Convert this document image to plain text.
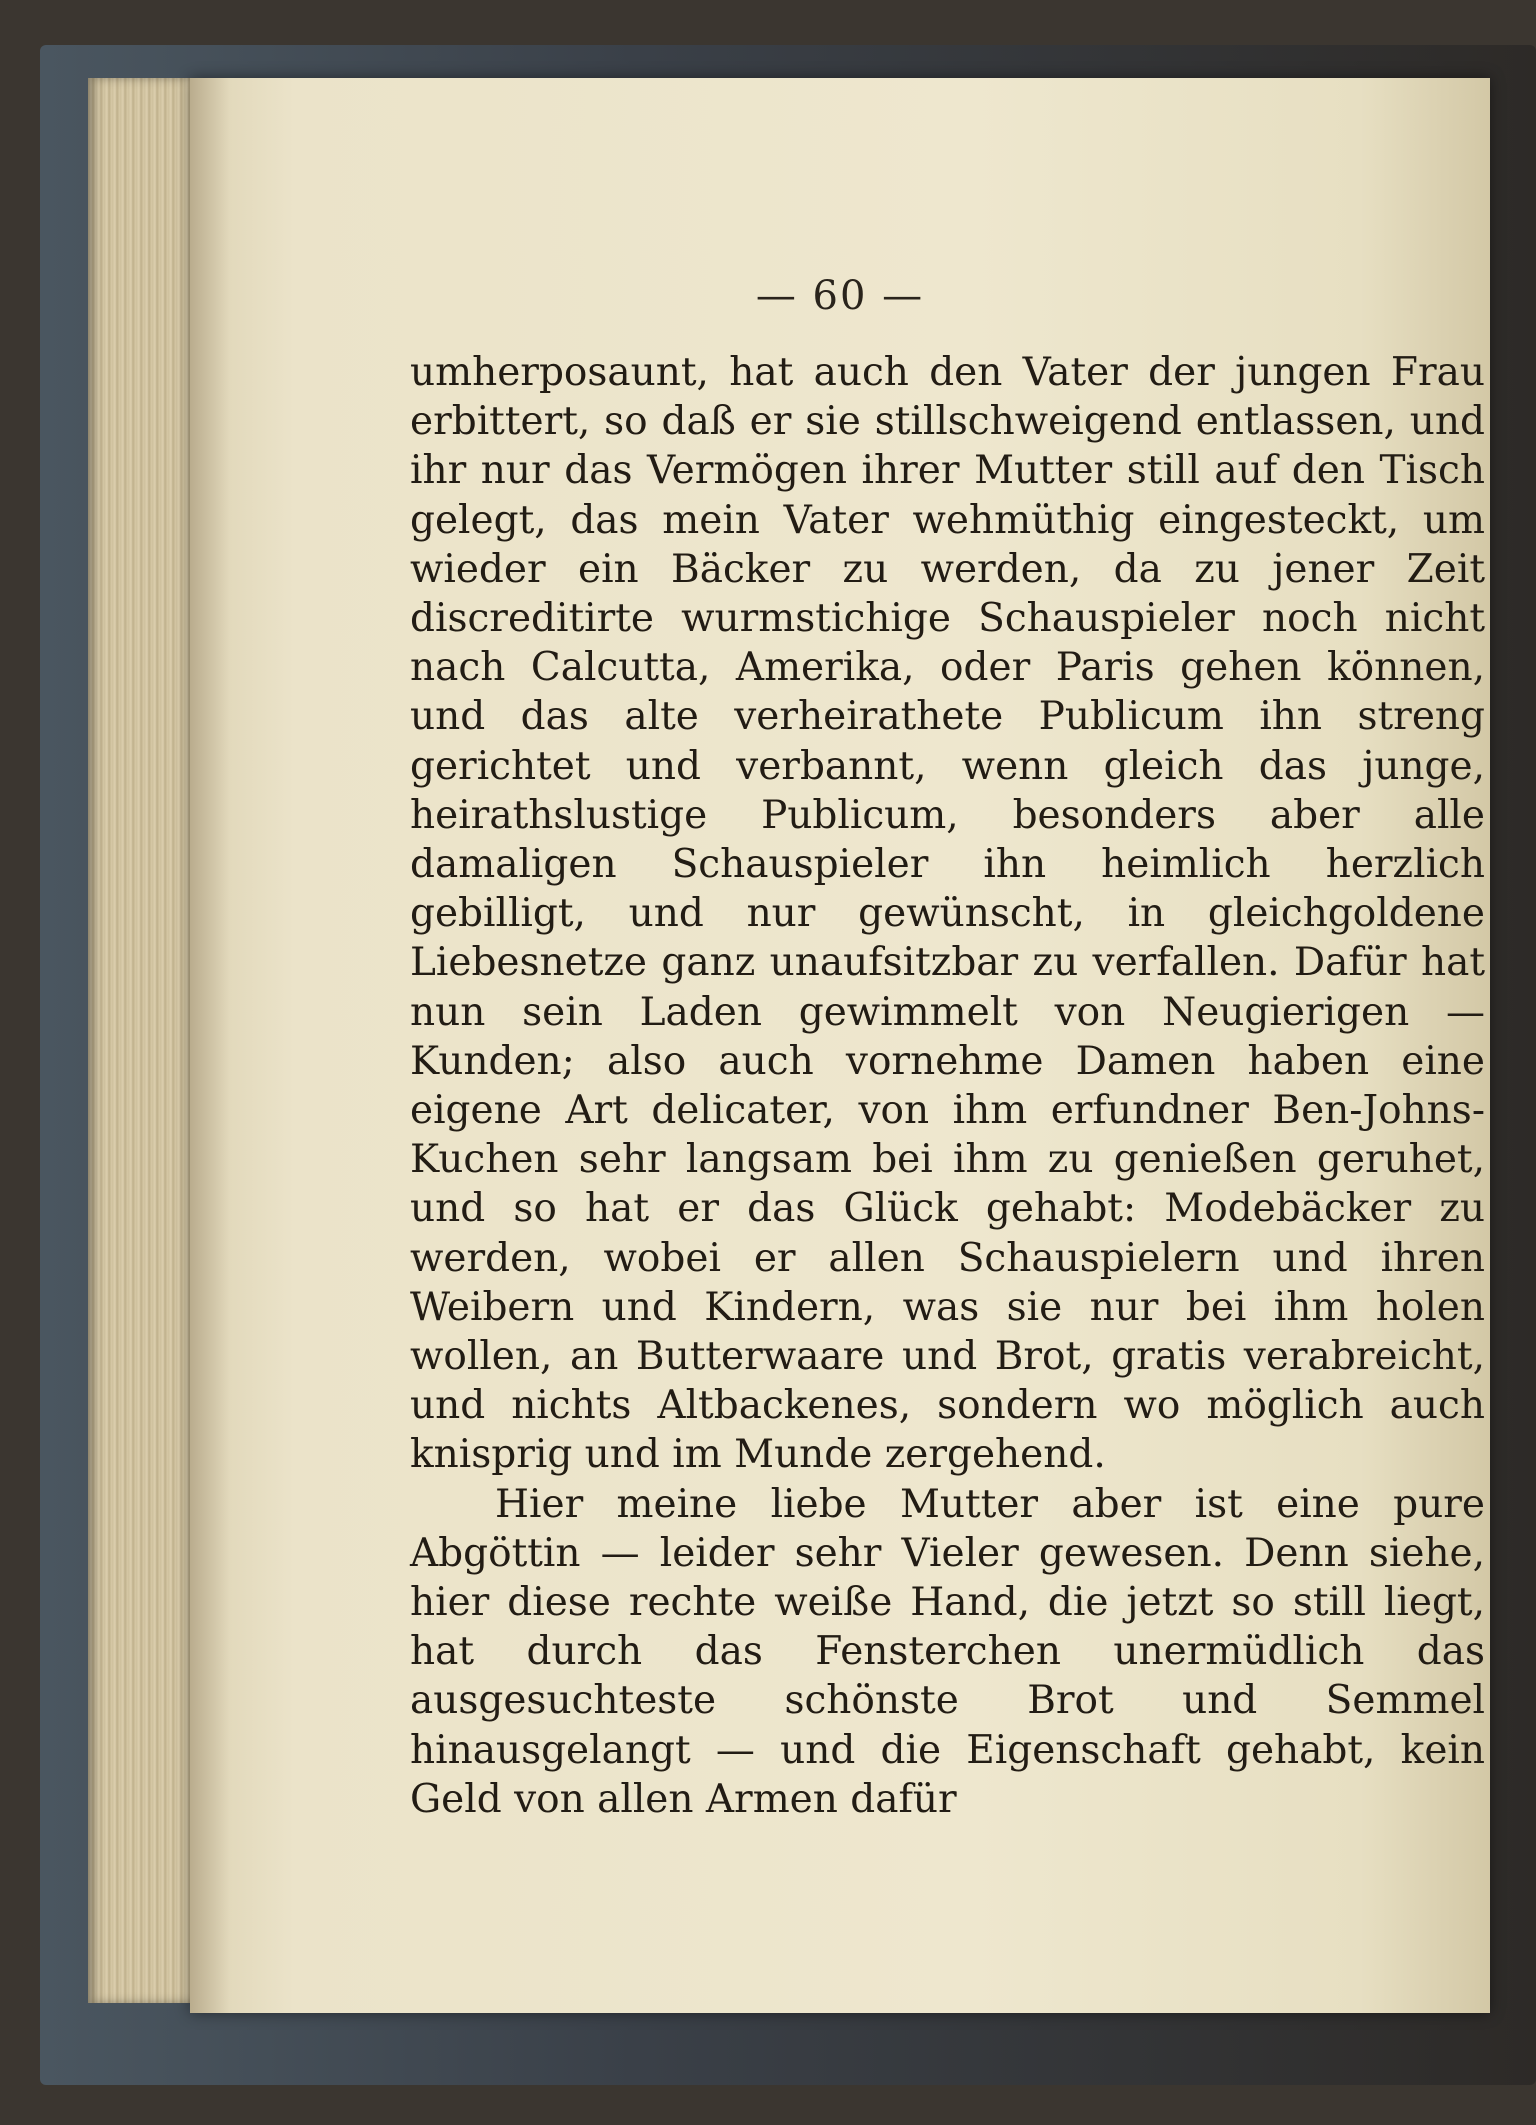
— 60 —

umherposaunt, hat auch den Vater der jungen Frau erbittert, so daß er sie stillschweigend entlassen, und ihr nur das Vermögen ihrer Mutter still auf den Tisch gelegt, das mein Vater wehmüthig eingesteckt, um wieder ein Bäcker zu werden, da zu jener Zeit discreditirte wurmstichige Schauspieler noch nicht nach Calcutta, Amerika, oder Paris gehen können, und das alte verheirathete Publicum ihn streng gerichtet und verbannt, wenn gleich das junge, heirathslustige Publicum, besonders aber alle damaligen Schauspieler ihn heimlich herzlich gebilligt, und nur gewünscht, in gleichgoldene Liebesnetze ganz unaufsitzbar zu verfallen. Dafür hat nun sein Laden gewimmelt von Neugierigen — Kunden; also auch vornehme Damen haben eine eigene Art delicater, von ihm erfundner Ben-Johns-Kuchen sehr langsam bei ihm zu genießen geruhet, und so hat er das Glück gehabt: Modebäcker zu werden, wobei er allen Schauspielern und ihren Weibern und Kindern, was sie nur bei ihm holen wollen, an Butterwaare und Brot, gratis verabreicht, und nichts Altbackenes, sondern wo möglich auch knisprig und im Munde zergehend.

Hier meine liebe Mutter aber ist eine pure Abgöttin — leider sehr Vieler gewesen. Denn siehe, hier diese rechte weiße Hand, die jetzt so still liegt, hat durch das Fensterchen unermüdlich das ausgesuchteste schönste Brot und Semmel hinausgelangt — und die Eigenschaft gehabt, kein Geld von allen Armen dafür
